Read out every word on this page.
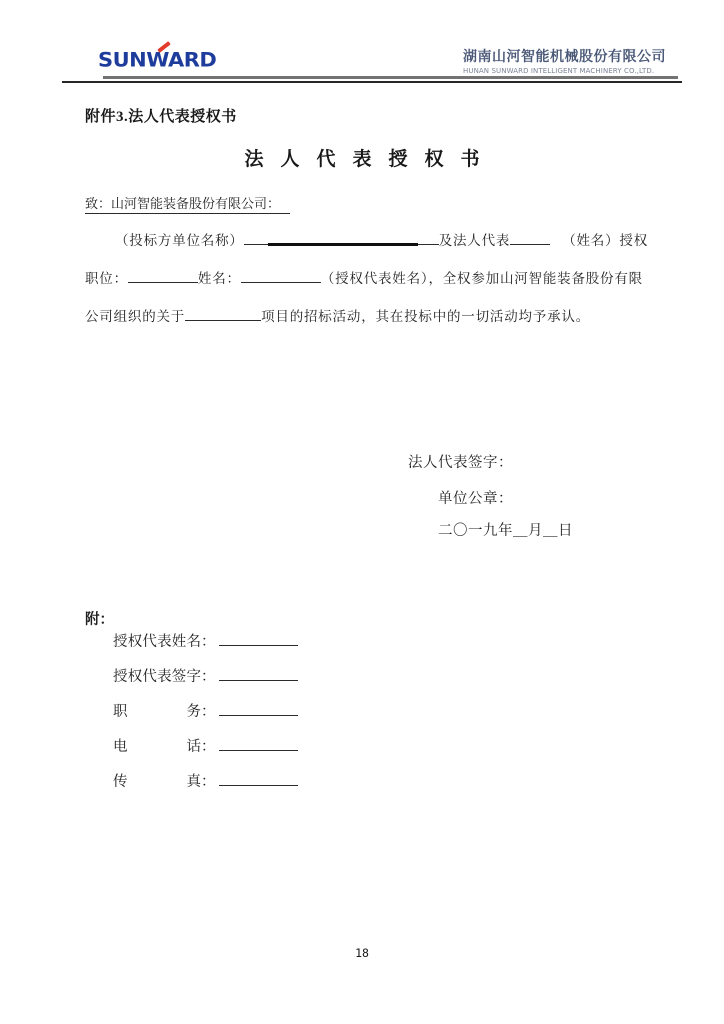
SUNWARD	湖南山河智能机械股份有限公司
HUNAN SUNWARD INTELLIGENT MACHINERY CO.,LTD.
附件3.法人代表授权书
法人代表授权书
致：山河智能装备股份有限公司：
（投标方单位名称）	及法人代表	（姓名）授权
职位：	姓名：	（授权代表姓名），全权参加山河智能装备股份有限
公司组织的关于	项目的招标活动，其在投标中的一切活动均予承认。
法人代表签字：
单位公章：
二〇一九年＿月＿日
附：
授权代表姓名：
授权代表签字：
职务：
电话：
传真：
18
